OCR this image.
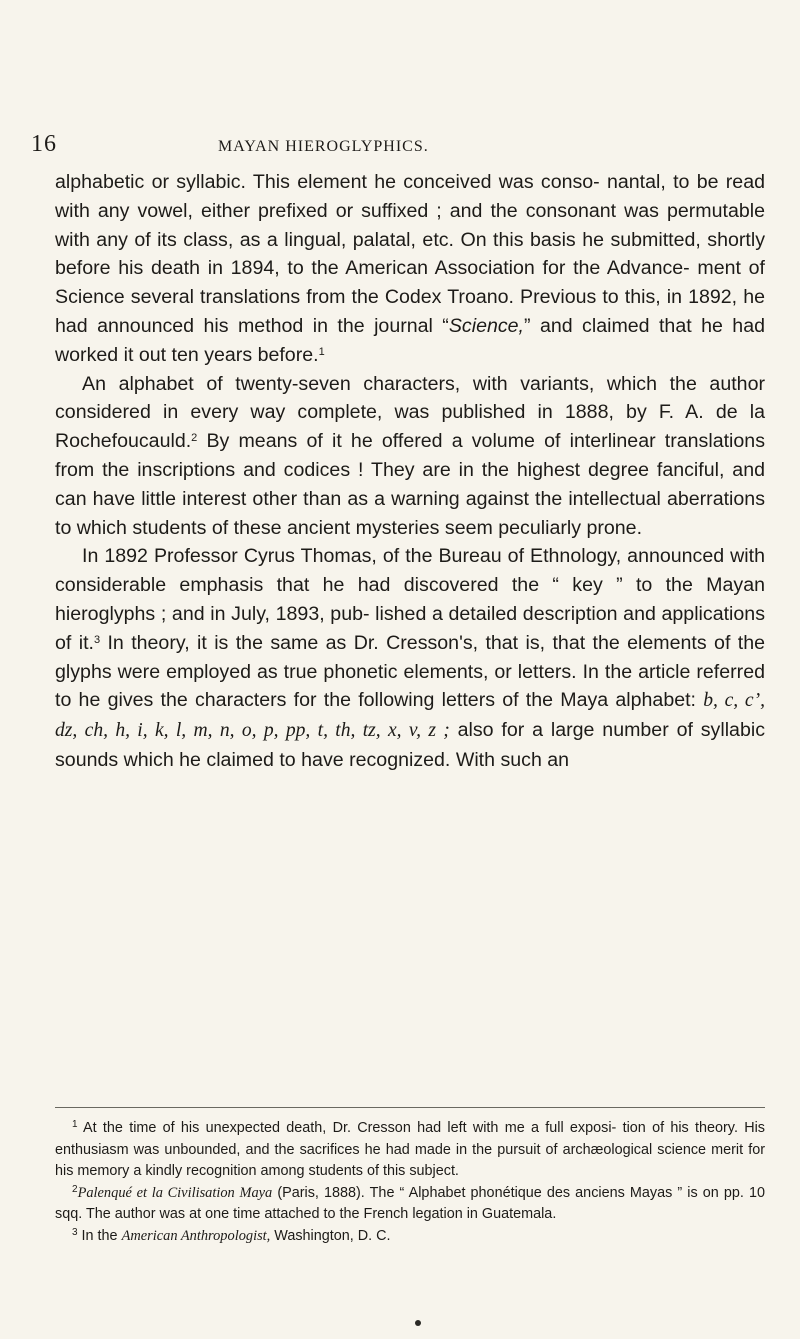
16	MAYAN HIEROGLYPHICS.

alphabetic or syllabic. This element he conceived was conso- nantal, to be read with any vowel, either prefixed or suffixed ; and the consonant was permutable with any of its class, as a lingual, palatal, etc. On this basis he submitted, shortly before his death in 1894, to the American Association for the Advance- ment of Science several translations from the Codex Troano. Previous to this, in 1892, he had announced his method in the journal “Science,” and claimed that he had worked it out ten years before.$^1$

An alphabet of twenty-seven characters, with variants, which the author considered in every way complete, was published in 1888, by F. A. de la Rochefoucauld.$^2$ By means of it he offered a volume of interlinear translations from the inscriptions and codices ! They are in the highest degree fanciful, and can have little interest other than as a warning against the intellectual aberrations to which students of these ancient mysteries seem peculiarly prone.

In 1892 Professor Cyrus Thomas, of the Bureau of Ethnology, announced with considerable emphasis that he had discovered the “ key ” to the Mayan hieroglyphs ; and in July, 1893, pub- lished a detailed description and applications of it.$^3$ In theory, it is the same as Dr. Cresson's, that is, that the elements of the glyphs were employed as true phonetic elements, or letters. In the article referred to he gives the characters for the following letters of the Maya alphabet: b, c, c’, dz, ch, h, i, k, l, m, n, o, p, pp, t, th, tz, x, v, z ; also for a large number of syllabic sounds which he claimed to have recognized. With such an

$^1$ At the time of his unexpected death, Dr. Cresson had left with me a full exposi- tion of his theory. His enthusiasm was unbounded, and the sacrifices he had made in the pursuit of archæological science merit for his memory a kindly recognition among students of this subject.

$^2$Palenqué et la Civilisation Maya (Paris, 1888). The “ Alphabet phonétique des anciens Mayas ” is on pp. 10 sqq. The author was at one time attached to the French legation in Guatemala.

$^3$ In the American Anthropologist, Washington, D. C.
